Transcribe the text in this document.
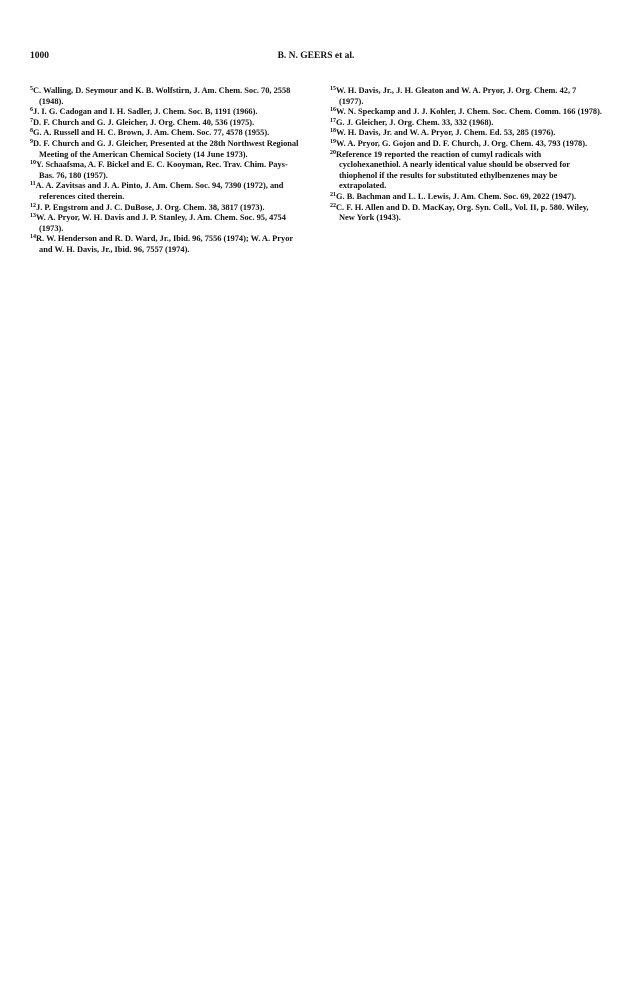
1000	B. N. GEERS et al.

$^5$C. Walling, D. Seymour and K. B. Wolfstirn, J. Am. Chem. Soc. 70, 2558 (1948).

$^6$J. I. G. Cadogan and I. H. Sadler, J. Chem. Soc. B, 1191 (1966).

$^7$D. F. Church and G. J. Gleicher, J. Org. Chem. 40, 536 (1975).

$^8$G. A. Russell and H. C. Brown, J. Am. Chem. Soc. 77, 4578 (1955).

$^9$D. F. Church and G. J. Gleicher, Presented at the 28th Northwest Regional Meeting of the American Chemical Society (14 June 1973).

$^{10}$Y. Schaafsma, A. F. Bickel and E. C. Kooyman, Rec. Trav. Chim. Pays-Bas. 76, 180 (1957).

$^{11}$A. A. Zavitsas and J. A. Pinto, J. Am. Chem. Soc. 94, 7390 (1972), and references cited therein.

$^{12}$J. P. Engstrom and J. C. DuBose, J. Org. Chem. 38, 3817 (1973).

$^{13}$W. A. Pryor, W. H. Davis and J. P. Stanley, J. Am. Chem. Soc. 95, 4754 (1973).

$^{14}$R. W. Henderson and R. D. Ward, Jr., Ibid. 96, 7556 (1974); W. A. Pryor and W. H. Davis, Jr., Ibid. 96, 7557 (1974).

$^{15}$W. H. Davis, Jr., J. H. Gleaton and W. A. Pryor, J. Org. Chem. 42, 7 (1977).

$^{16}$W. N. Speckamp and J. J. Kohler, J. Chem. Soc. Chem. Comm. 166 (1978).

$^{17}$G. J. Gleicher, J. Org. Chem. 33, 332 (1968).

$^{18}$W. H. Davis, Jr. and W. A. Pryor, J. Chem. Ed. 53, 285 (1976).

$^{19}$W. A. Pryor, G. Gojon and D. F. Church, J. Org. Chem. 43, 793 (1978).

$^{20}$Reference 19 reported the reaction of cumyl radicals with cyclohexanethiol. A nearly identical value should be observed for thiophenol if the results for substituted ethylbenzenes may be extrapolated.

$^{21}$G. B. Bachman and L. L. Lewis, J. Am. Chem. Soc. 69, 2022 (1947).

$^{22}$C. F. H. Allen and D. D. MacKay, Org. Syn. Coll., Vol. II, p. 580. Wiley, New York (1943).
